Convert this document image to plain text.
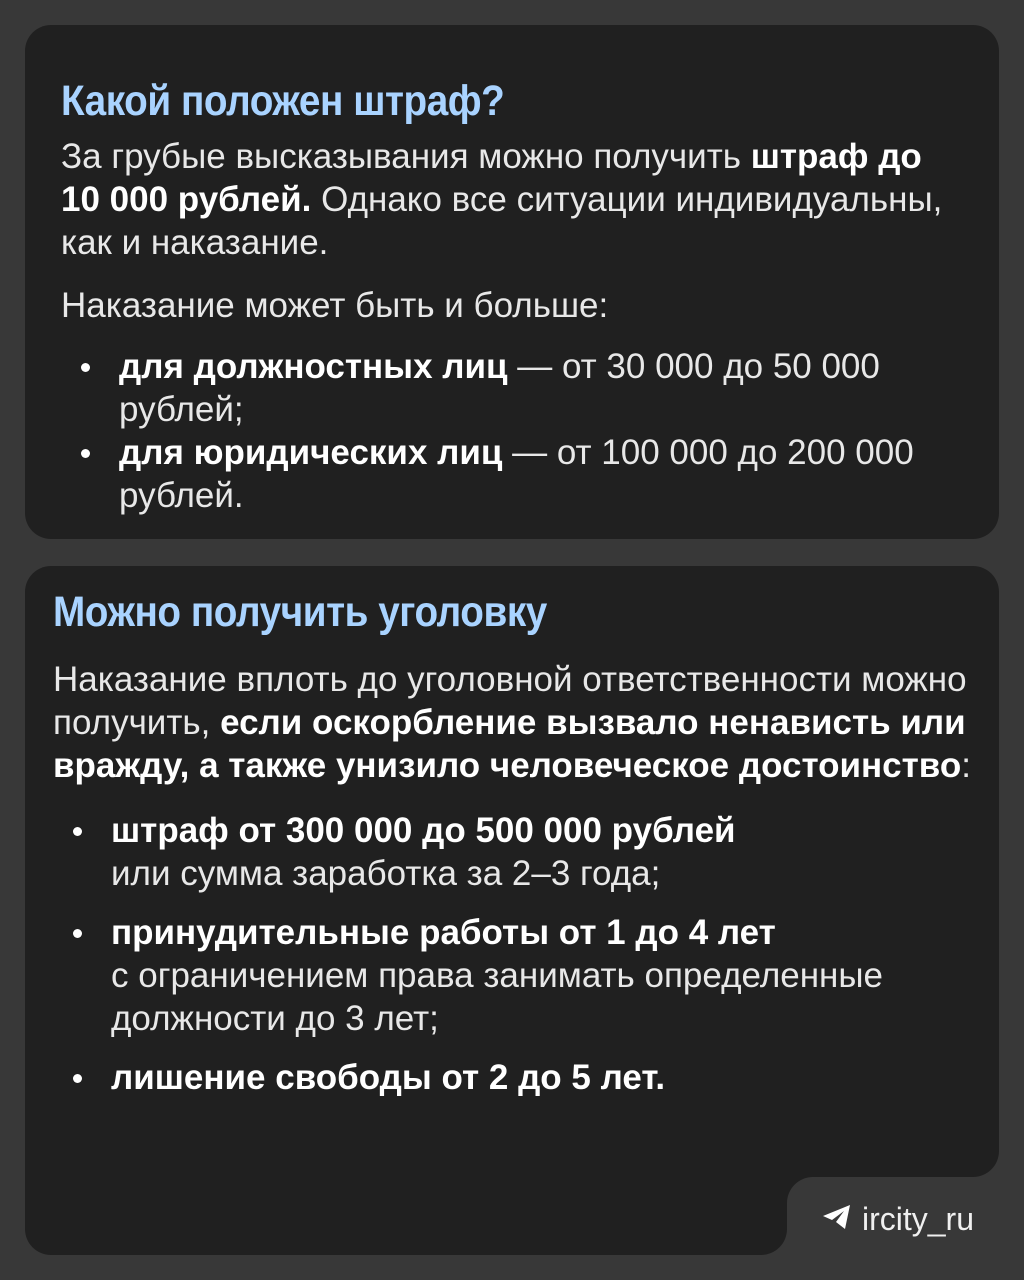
Какой положен штраф?

За грубые высказывания можно получить штраф до 10 000 рублей. Однако все ситуации индивидуальны, как и наказание.

Наказание может быть и больше:

для должностных лиц — от 30 000 до 50 000 рублей;
для юридических лиц — от 100 000 до 200 000 рублей.
Можно получить уголовку

Наказание вплоть до уголовной ответственности можно получить, если оскорбление вызвало ненависть или вражду, а также унизило человеческое достоинство:

штраф от 300 000 до 500 000 рублей
или сумма заработка за 2–3 года;
принудительные работы от 1 до 4 лет
с ограничением права занимать определенные должности до 3 лет;
лишение свободы от 2 до 5 лет.
ircity_ru
